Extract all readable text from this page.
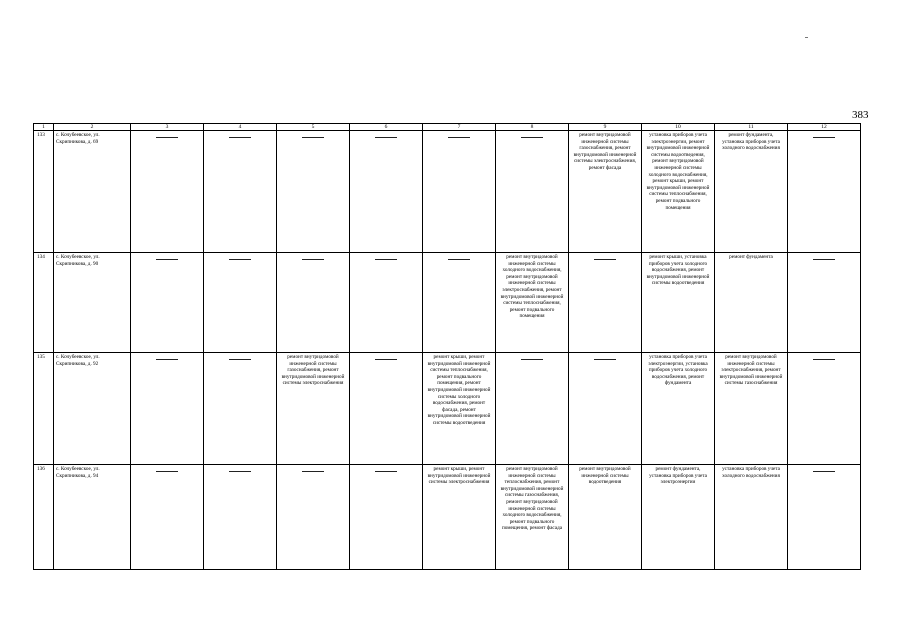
383
1	2	3	4	5	6	7	8	9	10	11	12
133	с. Кочубеевское, ул. Скрипникова, д. 69							ремонт внутридомовой инженерной системы газоснабжения, ремонт внутридомовой инженерной системы электроснабжения, ремонт фасада	установка приборов учета электроэнергии, ремонт внутридомовой инженерной системы водоотведения, ремонт внутридомовой инженерной системы холодного водоснабжения, ремонт крыши, ремонт внутридомовой инженерной системы теплоснабжения, ремонт подвального помещения	ремонт фундамента, установка приборов учета холодного водоснабжения	

134	с. Кочубеевское, ул. Скрипникова, д. 90						ремонт внутридомовой инженерной системы холодного водоснабжения, ремонт внутридомовой инженерной системы электроснабжения, ремонт внутридомовой инженерной системы теплоснабжения, ремонт подвального помещения		ремонт крыши, установка приборов учета холодного водоснабжения, ремонт внутридомовой инженерной системы водоотведения	ремонт фундамента	

135	с. Кочубеевское, ул. Скрипникова, д. 92			ремонт внутридомовой инженерной системы газоснабжения, ремонт внутридомовой инженерной системы электроснабжения		ремонт крыши, ремонт внутридомовой инженерной системы теплоснабжения, ремонт подвального помещения, ремонт внутридомовой инженерной системы холодного водоснабжения, ремонт фасада, ремонт внутридомовой инженерной системы водоотведения			установка приборов учета электроэнергии, установка приборов учета холодного водоснабжения, ремонт фундамента	ремонт внутридомовой инженерной системы электроснабжения, ремонт внутридомовой инженерной системы газоснабжения	

136	с. Кочубеевское, ул. Скрипникова, д. 94					ремонт крыши, ремонт внутридомовой инженерной системы электроснабжения	ремонт внутридомовой инженерной системы теплоснабжения, ремонт внутридомовой инженерной системы газоснабжения, ремонт внутридомовой инженерной системы холодного водоснабжения, ремонт подвального помещения, ремонт фасада	ремонт внутридомовой инженерной системы водоотведения	ремонт фундамента, установка приборов учета электроэнергии	установка приборов учета холодного водоснабжения	
